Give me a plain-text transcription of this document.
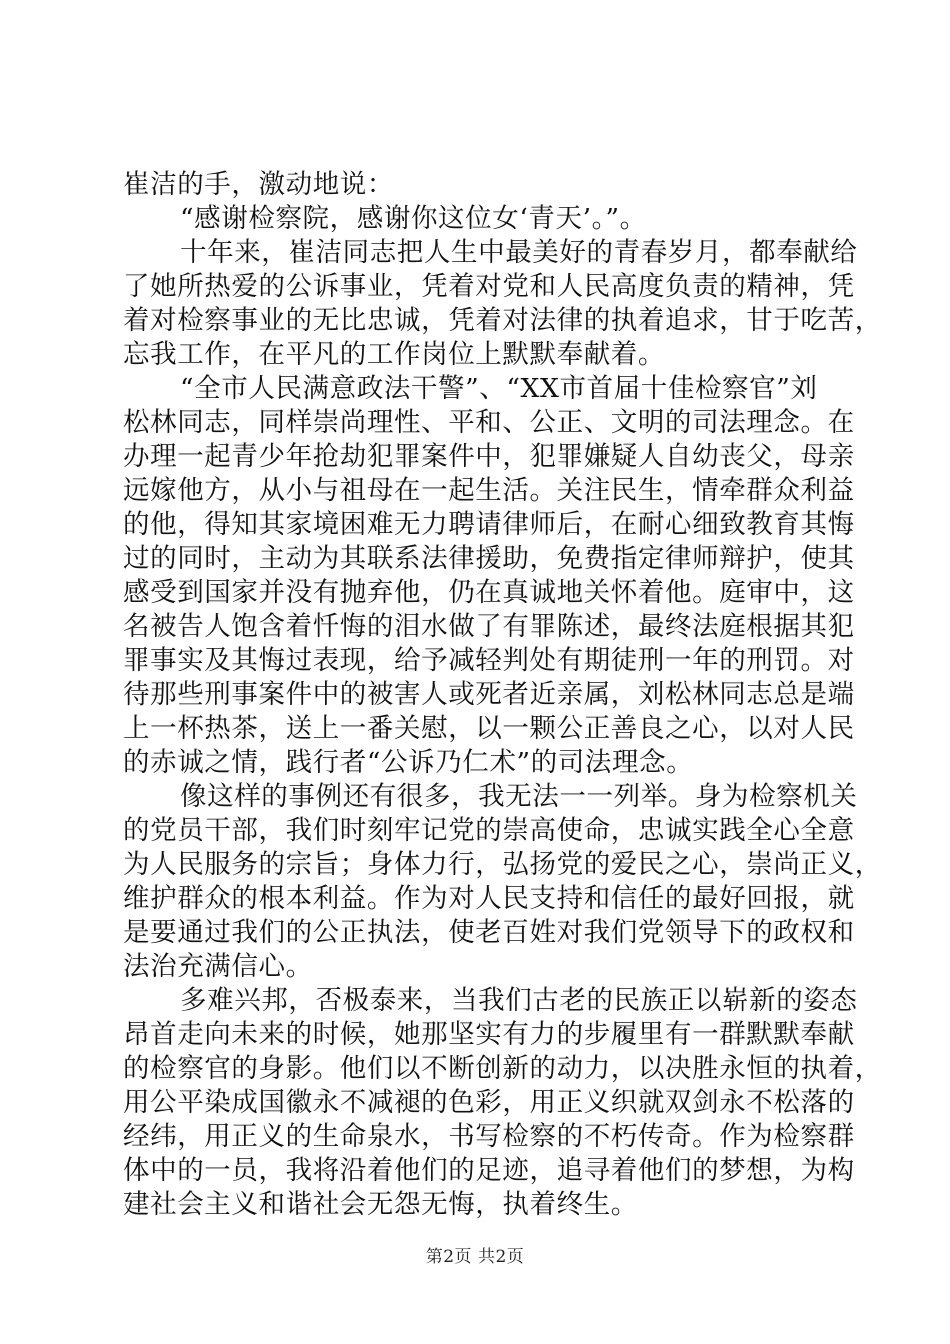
崔洁的手，激动地说：
“感谢检察院，感谢你这位女‘青天’。”。
十年来，崔洁同志把人生中最美好的青春岁月，都奉献给
了她所热爱的公诉事业，凭着对党和人民高度负责的精神，凭
着对检察事业的无比忠诚，凭着对法律的执着追求，甘于吃苦，
忘我工作，在平凡的工作岗位上默默奉献着。
“全市人民满意政法干警”、“XX市首届十佳检察官”刘
松林同志，同样崇尚理性、平和、公正、文明的司法理念。在
办理一起青少年抢劫犯罪案件中，犯罪嫌疑人自幼丧父，母亲
远嫁他方，从小与祖母在一起生活。关注民生，情牵群众利益
的他，得知其家境困难无力聘请律师后，在耐心细致教育其悔
过的同时，主动为其联系法律援助，免费指定律师辩护，使其
感受到国家并没有抛弃他，仍在真诚地关怀着他。庭审中，这
名被告人饱含着忏悔的泪水做了有罪陈述，最终法庭根据其犯
罪事实及其悔过表现，给予减轻判处有期徒刑一年的刑罚。对
待那些刑事案件中的被害人或死者近亲属，刘松林同志总是端
上一杯热茶，送上一番关慰，以一颗公正善良之心，以对人民
的赤诚之情，践行者“公诉乃仁术”的司法理念。
像这样的事例还有很多，我无法一一列举。身为检察机关
的党员干部，我们时刻牢记党的崇高使命，忠诚实践全心全意
为人民服务的宗旨；身体力行，弘扬党的爱民之心，崇尚正义，
维护群众的根本利益。作为对人民支持和信任的最好回报，就
是要通过我们的公正执法，使老百姓对我们党领导下的政权和
法治充满信心。
多难兴邦，否极泰来，当我们古老的民族正以崭新的姿态
昂首走向未来的时候，她那坚实有力的步履里有一群默默奉献
的检察官的身影。他们以不断创新的动力，以决胜永恒的执着，
用公平染成国徽永不减褪的色彩，用正义织就双剑永不松落的
经纬，用正义的生命泉水，书写检察的不朽传奇。作为检察群
体中的一员，我将沿着他们的足迹，追寻着他们的梦想，为构
建社会主义和谐社会无怨无悔，执着终生。
第2页 共2页
